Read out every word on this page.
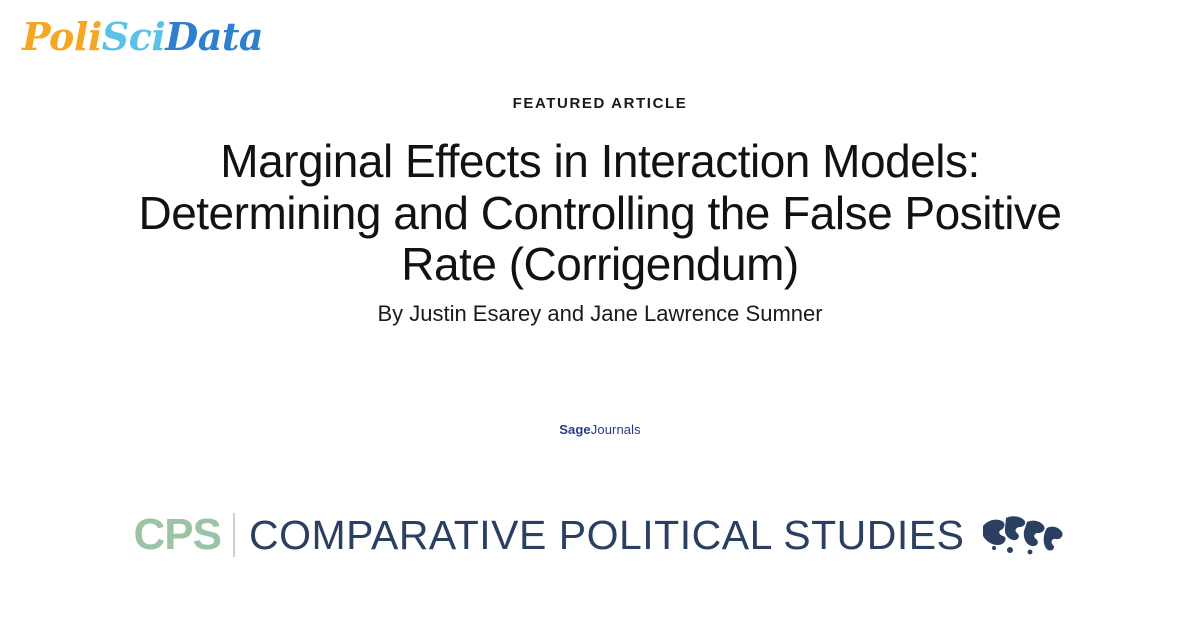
PoliSciData
FEATURED ARTICLE
Marginal Effects in Interaction Models: Determining and Controlling the False Positive Rate (Corrigendum)
By Justin Esarey and Jane Lawrence Sumner
SageJournals
CPS COMPARATIVE POLITICAL STUDIES
